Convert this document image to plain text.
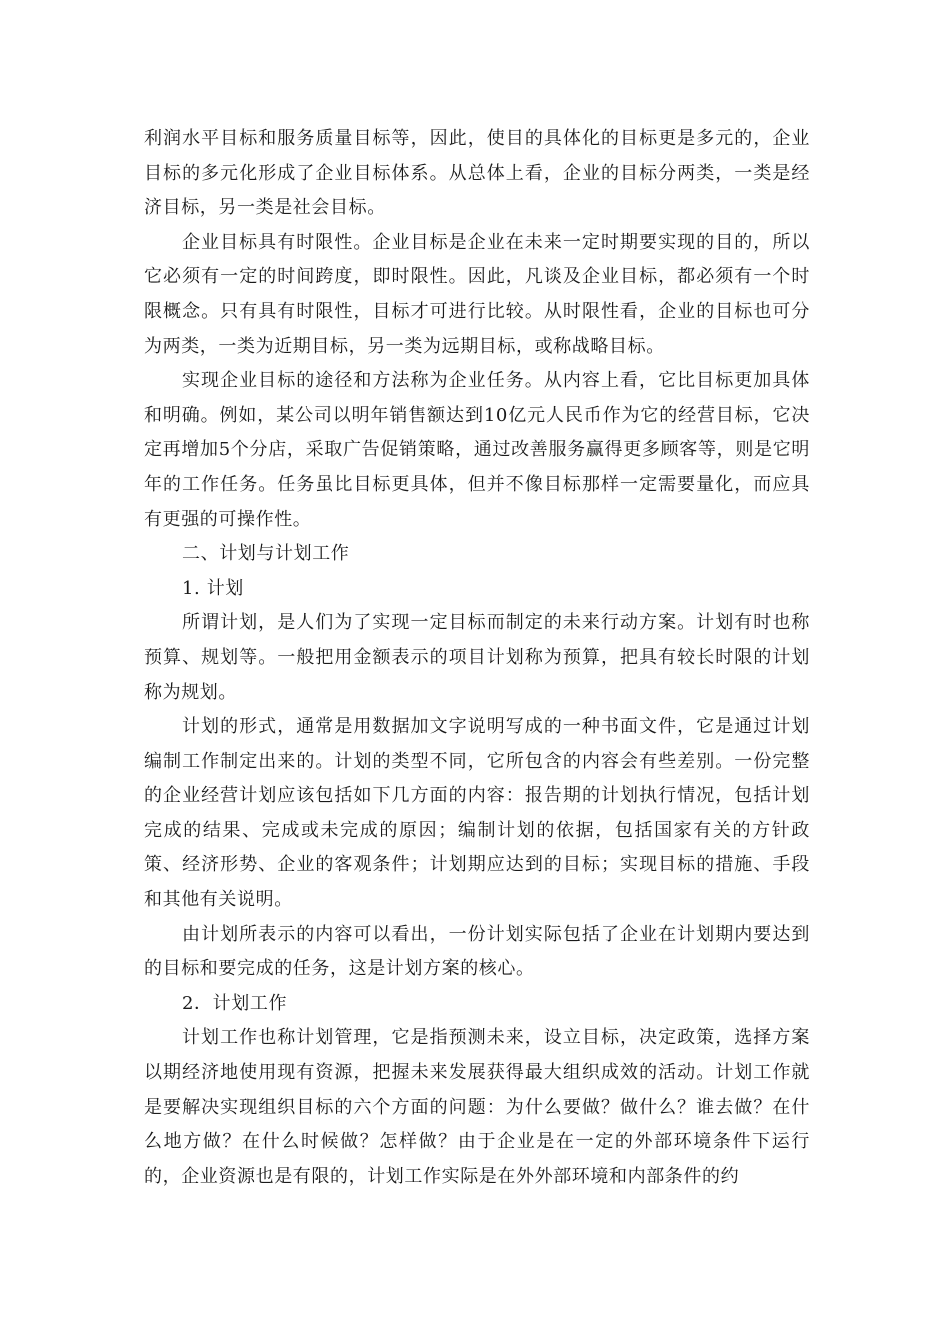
利润水平目标和服务质量目标等，因此，使目的具体化的目标更是多元的，企业目标的多元化形成了企业目标体系。从总体上看，企业的目标分两类，一类是经济目标，另一类是社会目标。

企业目标具有时限性。企业目标是企业在未来一定时期要实现的目的，所以它必须有一定的时间跨度，即时限性。因此，凡谈及企业目标，都必须有一个时限概念。只有具有时限性，目标才可进行比较。从时限性看，企业的目标也可分为两类，一类为近期目标，另一类为远期目标，或称战略目标。

实现企业目标的途径和方法称为企业任务。从内容上看，它比目标更加具体和明确。例如，某公司以明年销售额达到10亿元人民币作为它的经营目标，它决定再增加5个分店，采取广告促销策略，通过改善服务赢得更多顾客等，则是它明年的工作任务。任务虽比目标更具体，但并不像目标那样一定需要量化，而应具有更强的可操作性。

二、计划与计划工作

1. 计划

所谓计划，是人们为了实现一定目标而制定的未来行动方案。计划有时也称预算、规划等。一般把用金额表示的项目计划称为预算，把具有较长时限的计划称为规划。

计划的形式，通常是用数据加文字说明写成的一种书面文件，它是通过计划编制工作制定出来的。计划的类型不同，它所包含的内容会有些差别。一份完整的企业经营计划应该包括如下几方面的内容：报告期的计划执行情况，包括计划完成的结果、完成或未完成的原因；编制计划的依据，包括国家有关的方针政策、经济形势、企业的客观条件；计划期应达到的目标；实现目标的措施、手段和其他有关说明。

由计划所表示的内容可以看出，一份计划实际包括了企业在计划期内要达到的目标和要完成的任务，这是计划方案的核心。

2．计划工作

计划工作也称计划管理，它是指预测未来，设立目标，决定政策，选择方案以期经济地使用现有资源，把握未来发展获得最大组织成效的活动。计划工作就是要解决实现组织目标的六个方面的问题：为什么要做？做什么？谁去做？在什么地方做？在什么时候做？怎样做？由于企业是在一定的外部环境条件下运行的，企业资源也是有限的，计划工作实际是在外外部环境和内部条件的约
